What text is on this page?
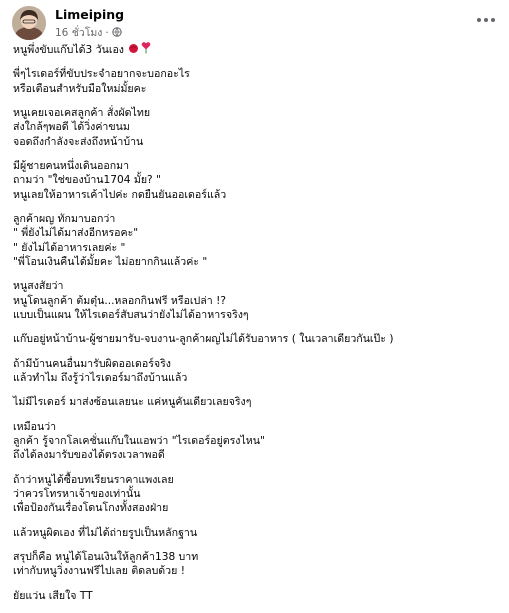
Limeiping
16 ชั่วโมง ·
หนูพึ่งขับแก๊บได้3 วันเอง
พี่ๆไรเดอร์ที่ขับประจำอยากจะบอกอะไร
หรือเตือนสำหรับมือใหม่มั้ยคะ
หนูเคยเจอเคสลูกค้า สั่งผัดไทย
ส่งใกล้ๆพอดี ได้วิ่งค่าขนม
จอดถึงกำลังจะส่งถึงหน้าบ้าน
มีผู้ชายคนหนึ่งเดินออกมา
ถามว่า "ใช่ของบ้าน1704 มั้ย? "
หนูเลยให้อาหารเค้าไปค่ะ กดยืนยันออเดอร์แล้ว
ลูกค้าผญ ทักมาบอกว่า
" พี่ยังไม่ได้มาส่งอีกหรอคะ"
" ยังไม่ได้อาหารเลยค่ะ "
"พี่โอนเงินคืนได้มั้ยคะ ไม่อยากกินแล้วค่ะ "
หนูสงสัยว่า
หนูโดนลูกค้า ต้มตุ๋น...หลอกกินฟรี หรือเปล่า !?
แบบเป็นแผน ให้ไรเดอร์สับสนว่ายังไม่ได้อาหารจริงๆ
แก๊บอยู่หน้าบ้าน-ผู้ชายมารับ-จบงาน-ลูกค้าผญไม่ได้รับอาหาร ( ในเวลาเดียวกันเป๊ะ )
ถ้ามีบ้านคนอื่นมารับผิดออเดอร์จริง
แล้วทำไม ถึงรู้ว่าไรเดอร์มาถึงบ้านแล้ว
ไม่มีไรเดอร์ มาส่งซ้อนเลยนะ แค่หนูคันเดียวเลยจริงๆ
เหมือนว่า
ลูกค้า รู้จากโลเคชั่นแก๊บในแอพว่า "ไรเดอร์อยู่ตรงไหน"
ถึงได้ลงมารับของได้ตรงเวลาพอดี
ถ้าว่าหนูได้ซื้อบทเรียนราคาแพงเลย
ว่าควรโทรหาเจ้าของเท่านั้น
เพื่อป้องกันเรื่องโดนโกงทั้งสองฝ่าย
แล้วหนูผิดเอง ที่ไม่ได้ถ่ายรูปเป็นหลักฐาน
สรุปก็คือ หนูได้โอนเงินให้ลูกค้า138 บาท
เท่ากับหนูวิ่งงานฟรีไปเลย ติดลบด้วย !
ยัยแว่น เสียใจ TT
